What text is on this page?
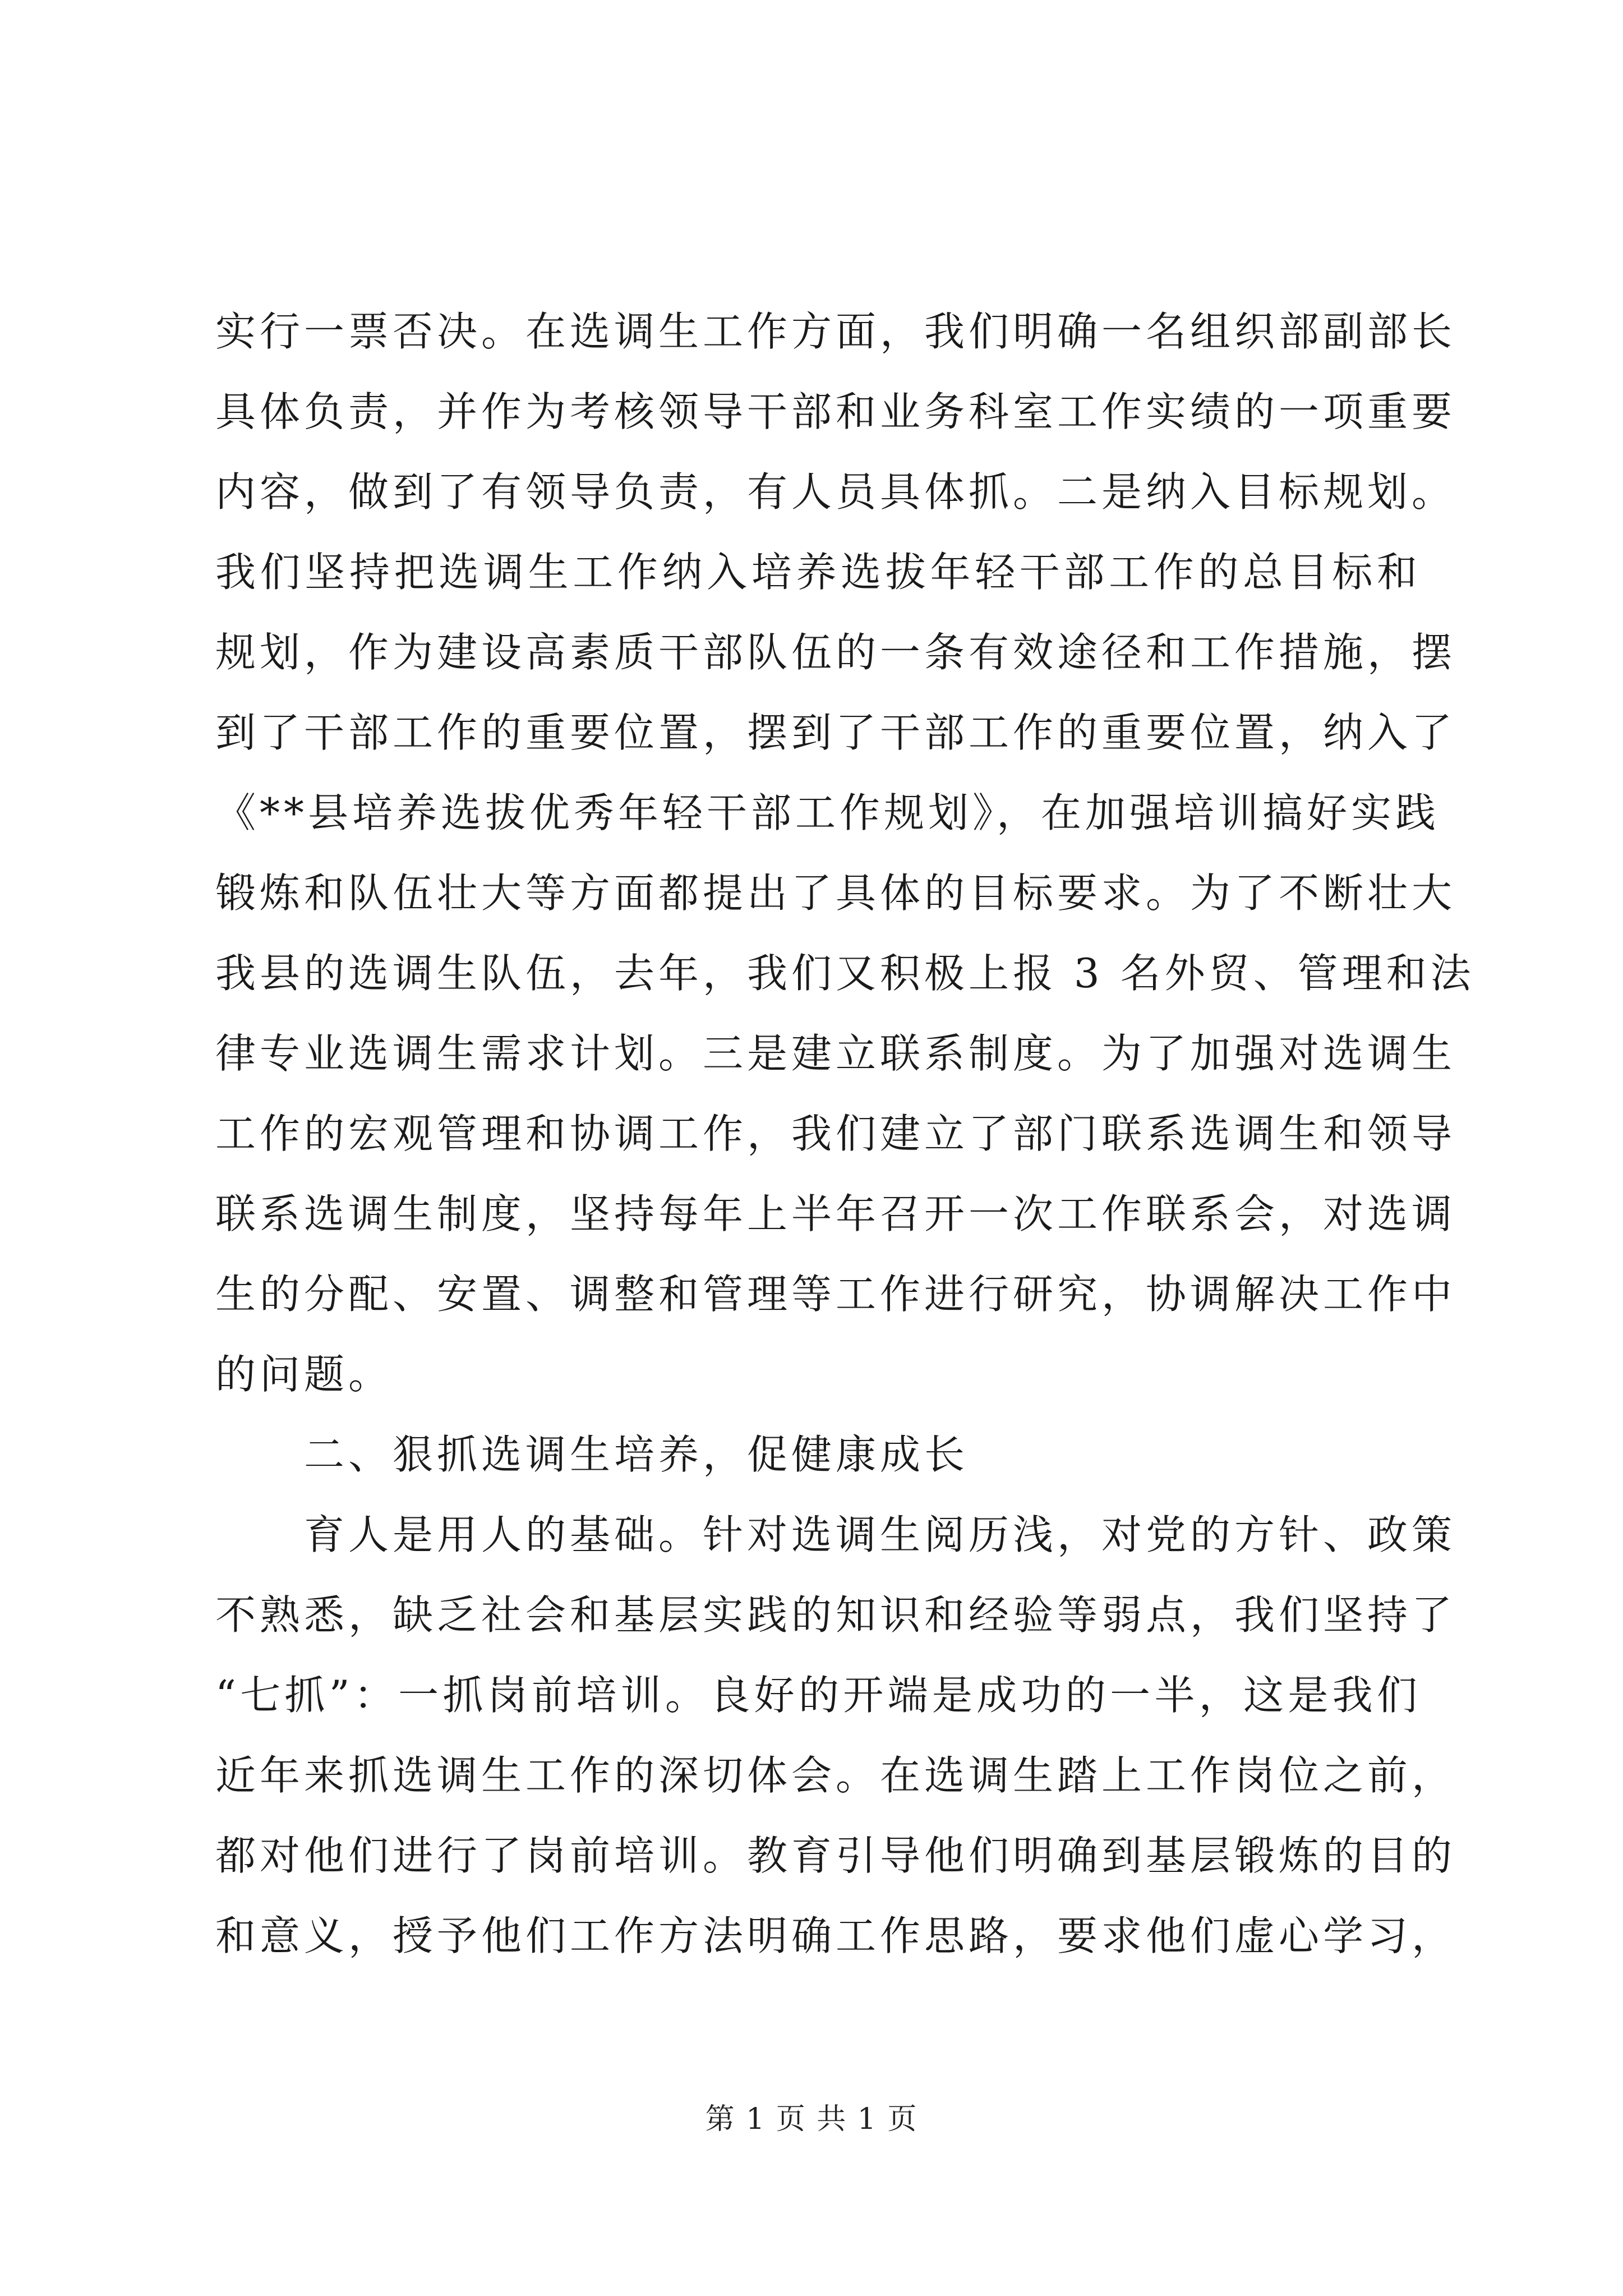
实行一票否决。在选调生工作方面，我们明确一名组织部副部长
具体负责，并作为考核领导干部和业务科室工作实绩的一项重要
内容，做到了有领导负责，有人员具体抓。二是纳入目标规划。
我们坚持把选调生工作纳入培养选拔年轻干部工作的总目标和
规划，作为建设高素质干部队伍的一条有效途径和工作措施，摆
到了干部工作的重要位置，摆到了干部工作的重要位置，纳入了
《**县培养选拔优秀年轻干部工作规划》，在加强培训搞好实践
锻炼和队伍壮大等方面都提出了具体的目标要求。为了不断壮大
我县的选调生队伍，去年，我们又积极上报 3 名外贸、管理和法
律专业选调生需求计划。三是建立联系制度。为了加强对选调生
工作的宏观管理和协调工作，我们建立了部门联系选调生和领导
联系选调生制度，坚持每年上半年召开一次工作联系会，对选调
生的分配、安置、调整和管理等工作进行研究，协调解决工作中
的问题。
二、狠抓选调生培养，促健康成长
育人是用人的基础。针对选调生阅历浅，对党的方针、政策
不熟悉，缺乏社会和基层实践的知识和经验等弱点，我们坚持了
“七抓”：一抓岗前培训。良好的开端是成功的一半，这是我们
近年来抓选调生工作的深切体会。在选调生踏上工作岗位之前，
都对他们进行了岗前培训。教育引导他们明确到基层锻炼的目的
和意义，授予他们工作方法明确工作思路，要求他们虚心学习，
第 1 页 共 1 页
